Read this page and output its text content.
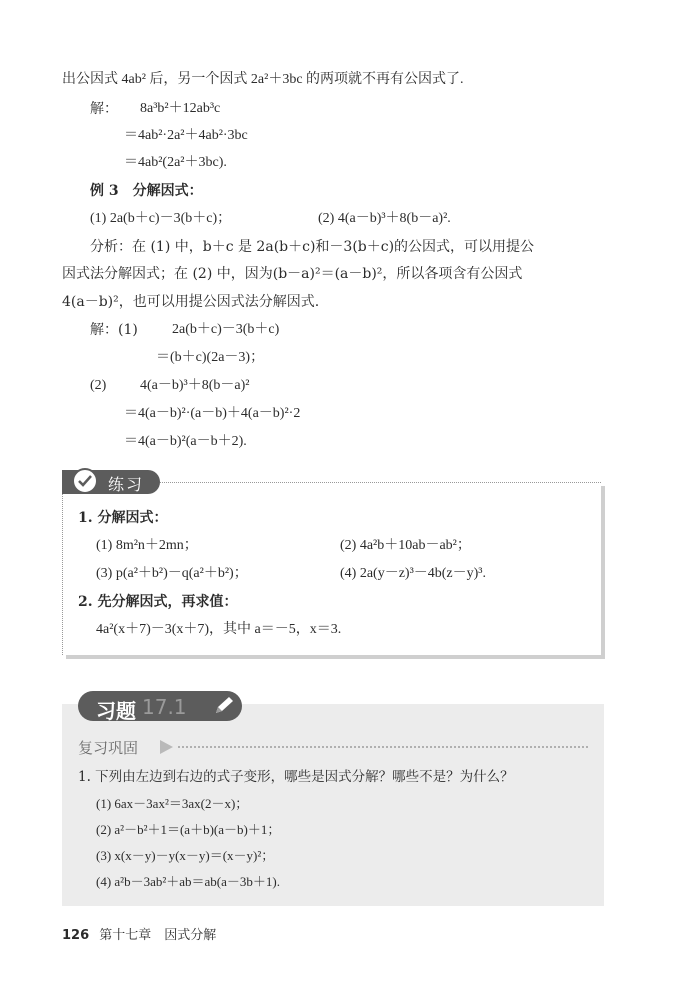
出公因式 4ab² 后，另一个因式 2a²＋3bc 的两项就不再有公因式了.
解： 8a³b²＋12ab³c
＝4ab²·2a²＋4ab²·3bc
＝4ab²(2a²＋3bc).
例 3　分解因式：
(1) 2a(b＋c)－3(b＋c)；	(2) 4(a－b)³＋8(b－a)².
分析：在 (1) 中，b＋c 是 2a(b＋c)和－3(b＋c)的公因式，可以用提公
因式法分解因式；在 (2) 中，因为(b－a)²＝(a－b)²，所以各项含有公因式
4(a－b)²，也可以用提公因式法分解因式.
解：(1) 2a(b＋c)－3(b＋c)
＝(b＋c)(2a－3)；
(2) 4(a－b)³＋8(b－a)²
＝4(a－b)²·(a－b)＋4(a－b)²·2
＝4(a－b)²(a－b＋2).
练习
1. 分解因式：
(1) 8m²n＋2mn；	(2) 4a²b＋10ab－ab²；
(3) p(a²＋b²)－q(a²＋b²)；	(4) 2a(y－z)³－4b(z－y)³.
2. 先分解因式，再求值：
4a²(x＋7)－3(x＋7)，其中 a＝－5，x＝3.
习题 17.1
复习巩固
1. 下列由左边到右边的式子变形，哪些是因式分解？哪些不是？为什么？
(1) 6ax－3ax²＝3ax(2－x)；
(2) a²－b²＋1＝(a＋b)(a－b)＋1；
(3) x(x－y)－y(x－y)＝(x－y)²；
(4) a²b－3ab²＋ab＝ab(a－3b＋1).
126 第十七章　因式分解
